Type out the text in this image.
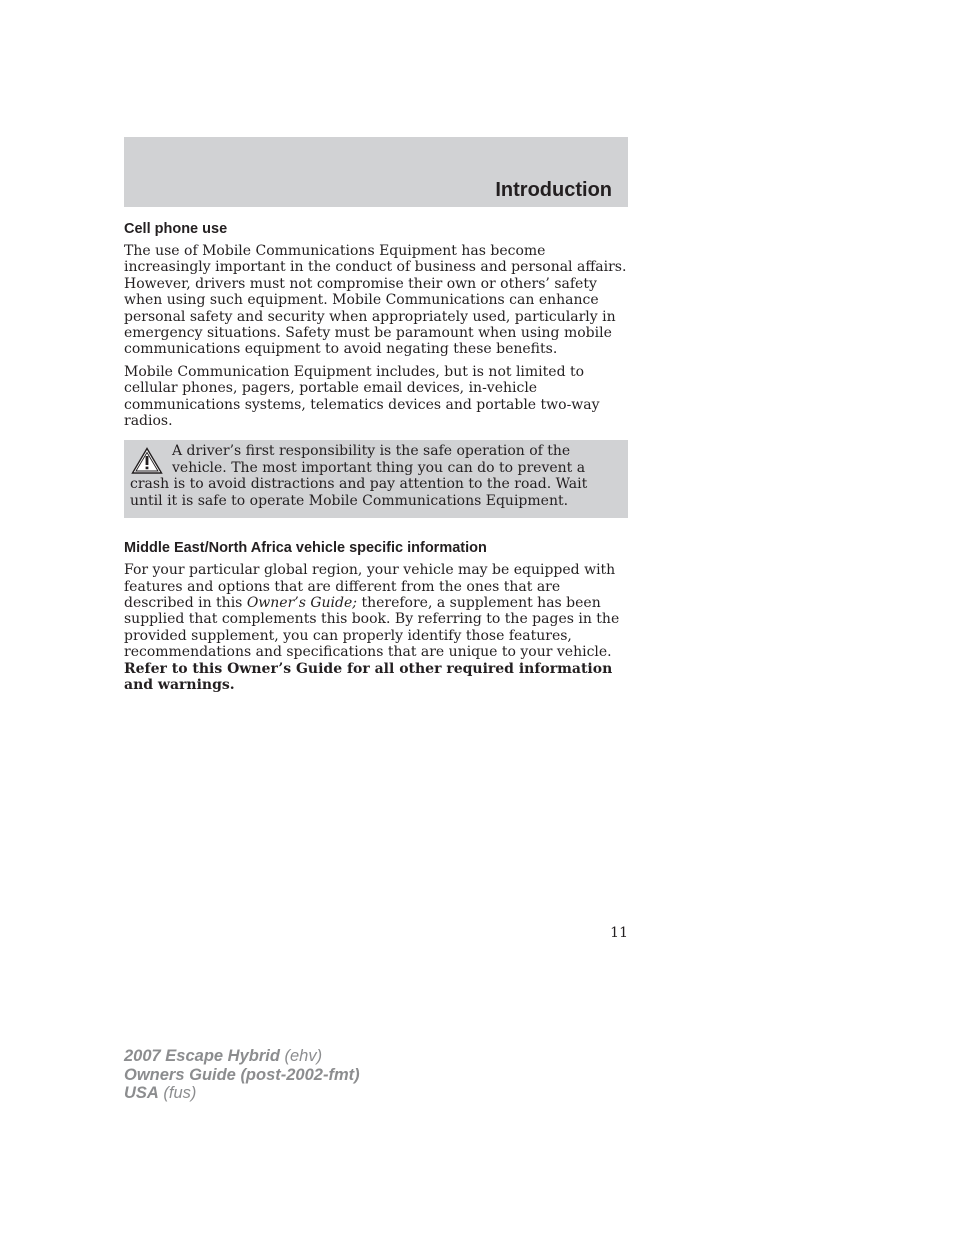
Introduction
Cell phone use

The use of Mobile Communications Equipment has become increasingly important in the conduct of business and personal affairs. However, drivers must not compromise their own or others’ safety when using such equipment. Mobile Communications can enhance personal safety and security when appropriately used, particularly in emergency situations. Safety must be paramount when using mobile communications equipment to avoid negating these benefits.

Mobile Communication Equipment includes, but is not limited to cellular phones, pagers, portable email devices, in-vehicle communications systems, telematics devices and portable two-way radios.

A driver’s first responsibility is the safe operation of the vehicle. The most important thing you can do to prevent a crash is to avoid distractions and pay attention to the road. Wait until it is safe to operate Mobile Communications Equipment.
Middle East/North Africa vehicle specific information

For your particular global region, your vehicle may be equipped with features and options that are different from the ones that are described in this Owner’s Guide; therefore, a supplement has been supplied that complements this book. By referring to the pages in the provided supplement, you can properly identify those features, recommendations and specifications that are unique to your vehicle. Refer to this Owner’s Guide for all other required information and warnings.

11
2007 Escape Hybrid (ehv)
Owners Guide (post-2002-fmt)
USA (fus)
